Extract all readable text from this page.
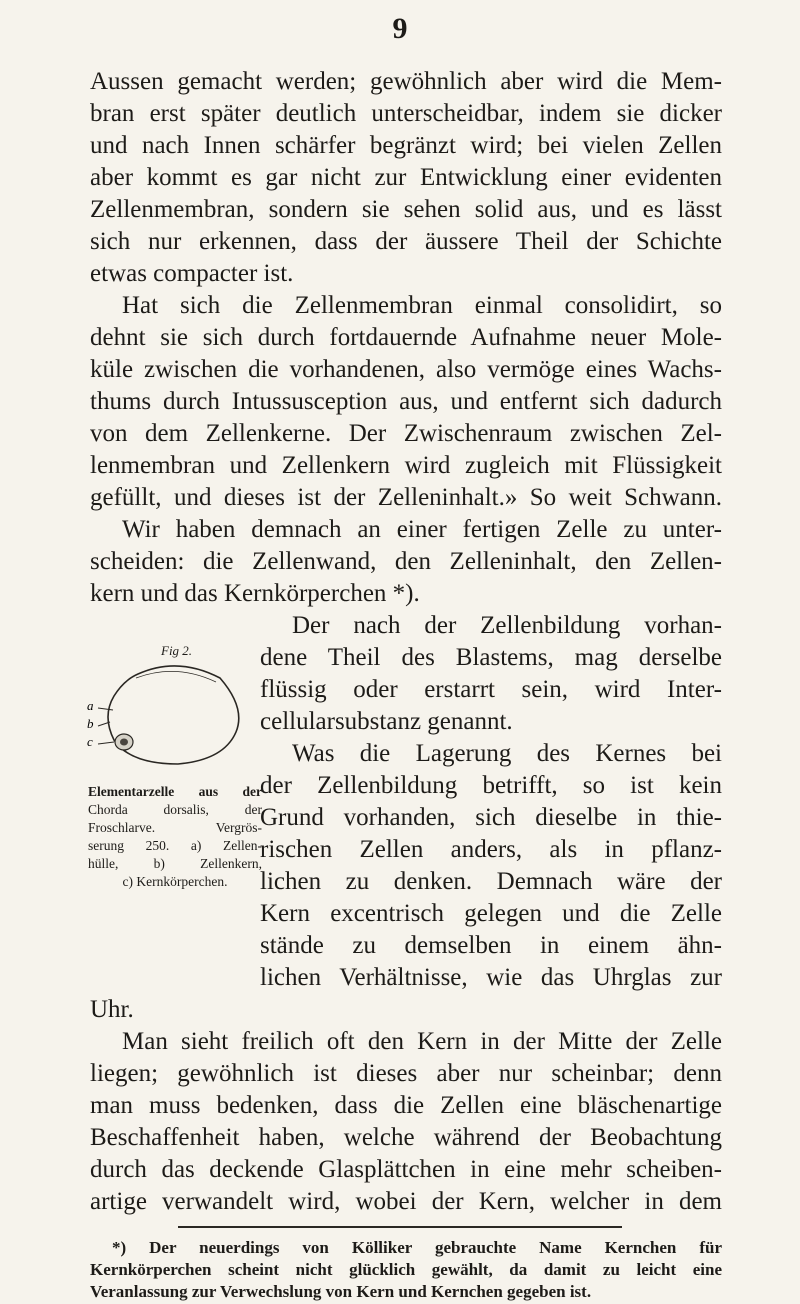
9
Aussen gemacht werden; gewöhnlich aber wird die Mem-
bran erst später deutlich unterscheidbar, indem sie dicker
und nach Innen schärfer begränzt wird; bei vielen Zellen
aber kommt es gar nicht zur Entwicklung einer evidenten
Zellenmembran, sondern sie sehen solid aus, und es lässt
sich nur erkennen, dass der äussere Theil der Schichte
etwas compacter ist.
Hat sich die Zellenmembran einmal consolidirt, so
dehnt sie sich durch fortdauernde Aufnahme neuer Mole-
küle zwischen die vorhandenen, also vermöge eines Wachs-
thums durch Intussusception aus, und entfernt sich dadurch
von dem Zellenkerne. Der Zwischenraum zwischen Zel-
lenmembran und Zellenkern wird zugleich mit Flüssigkeit
gefüllt, und dieses ist der Zelleninhalt.» So weit Schwann.
Wir haben demnach an einer fertigen Zelle zu unter-
scheiden: die Zellenwand, den Zelleninhalt, den Zellen-
kern und das Kernkörperchen *).
Der nach der Zellenbildung vorhan-
dene Theil des Blastems, mag derselbe
flüssig oder erstarrt sein, wird Inter-
cellularsubstanz genannt.
Was die Lagerung des Kernes bei
der Zellenbildung betrifft, so ist kein
Grund vorhanden, sich dieselbe in thie-
rischen Zellen anders, als in pflanz-
lichen zu denken. Demnach wäre der
Kern excentrisch gelegen und die Zelle
stände zu demselben in einem ähn-
lichen Verhältnisse, wie das Uhrglas zur
Fig 2.
a
b
c
Elementarzelle aus der
Chorda dorsalis, der
Froschlarve. Vergrös-
serung 250. a) Zellen-
hülle, b) Zellenkern,
c) Kernkörperchen.
Uhr.
Man sieht freilich oft den Kern in der Mitte der Zelle
liegen; gewöhnlich ist dieses aber nur scheinbar; denn
man muss bedenken, dass die Zellen eine bläschenartige
Beschaffenheit haben, welche während der Beobachtung
durch das deckende Glasplättchen in eine mehr scheiben-
artige verwandelt wird, wobei der Kern, welcher in dem
*) Der neuerdings von Kölliker gebrauchte Name Kernchen für
Kernkörperchen scheint nicht glücklich gewählt, da damit zu leicht eine
Veranlassung zur Verwechslung von Kern und Kernchen gegeben ist.
